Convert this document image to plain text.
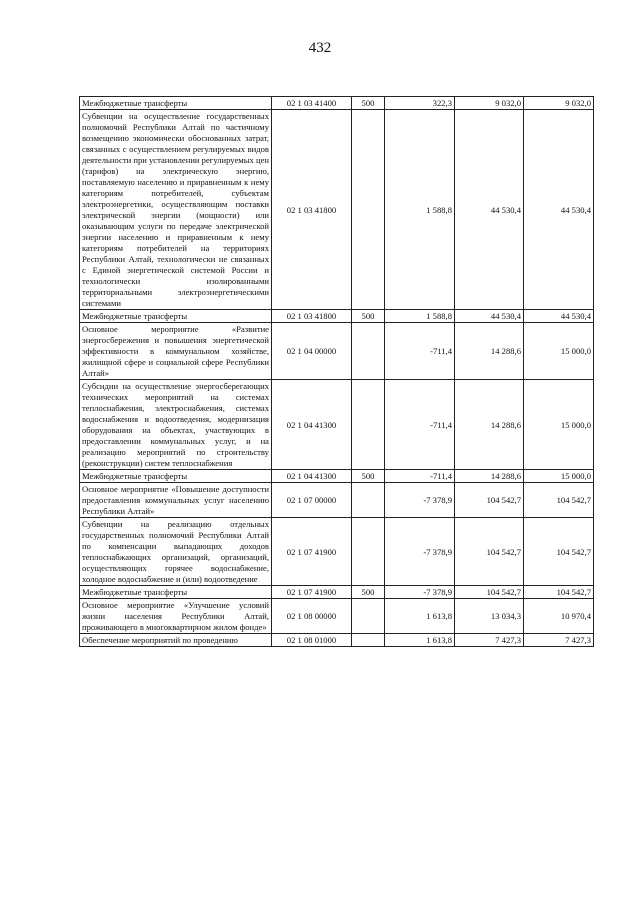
432
Межбюджетные трансферты	02 1 03 41400	500	322,3	9 032,0	9 032,0
Субвенции на осуществление государственных полномочий Республики Алтай по частичному возмещению экономически обоснованных затрат, связанных с осуществлением регулируемых видов деятельности при установлении регулируемых цен (тарифов) на электрическую энергию, поставляемую населению и приравненным к нему категориям потребителей, субъектам электроэнергетики, осуществляющим поставки электрической энергии (мощности) или оказывающим услуги по передаче электрической энергии населению и приравненным к нему категориям потребителей на территориях Республики Алтай, технологически не связанных с Единой энергетической системой России и технологически изолированными территориальными электроэнергетическими системами	02 1 03 41800		1 588,8	44 530,4	44 530,4
Межбюджетные трансферты	02 1 03 41800	500	1 588,8	44 530,4	44 530,4
Основное мероприятие «Развитие энергосбережения и повышения энергетической эффективности в коммунальном хозяйстве, жилищной сфере и социальной сфере Республики Алтай»	02 1 04 00000		-711,4	14 288,6	15 000,0
Субсидии на осуществление энергосберегающих технических мероприятий на системах теплоснабжения, электроснабжения, системах водоснабжения и водоотведения, модернизация оборудования на объектах, участвующих в предоставлении коммунальных услуг, и на реализацию мероприятий по строительству (реконструкции) систем теплоснабжения	02 1 04 41300		-711,4	14 288,6	15 000,0
Межбюджетные трансферты	02 1 04 41300	500	-711,4	14 288,6	15 000,0
Основное мероприятие «Повышение доступности предоставления коммунальных услуг населению Республики Алтай»	02 1 07 00000		-7 378,9	104 542,7	104 542,7
Субвенции на реализацию отдельных государственных полномочий Республики Алтай по компенсации выпадающих доходов теплоснабжающих организаций, организаций, осуществляющих горячее водоснабжение, холодное водоснабжение и (или) водоотведение	02 1 07 41900		-7 378,9	104 542,7	104 542,7
Межбюджетные трансферты	02 1 07 41900	500	-7 378,9	104 542,7	104 542,7
Основное мероприятие «Улучшение условий жизни населения Республики Алтай, проживающего в многоквартирном жилом фонде»	02 1 08 00000		1 613,8	13 034,3	10 970,4
Обеспечение мероприятий по проведению	02 1 08 01000		1 613,8	7 427,3	7 427,3
